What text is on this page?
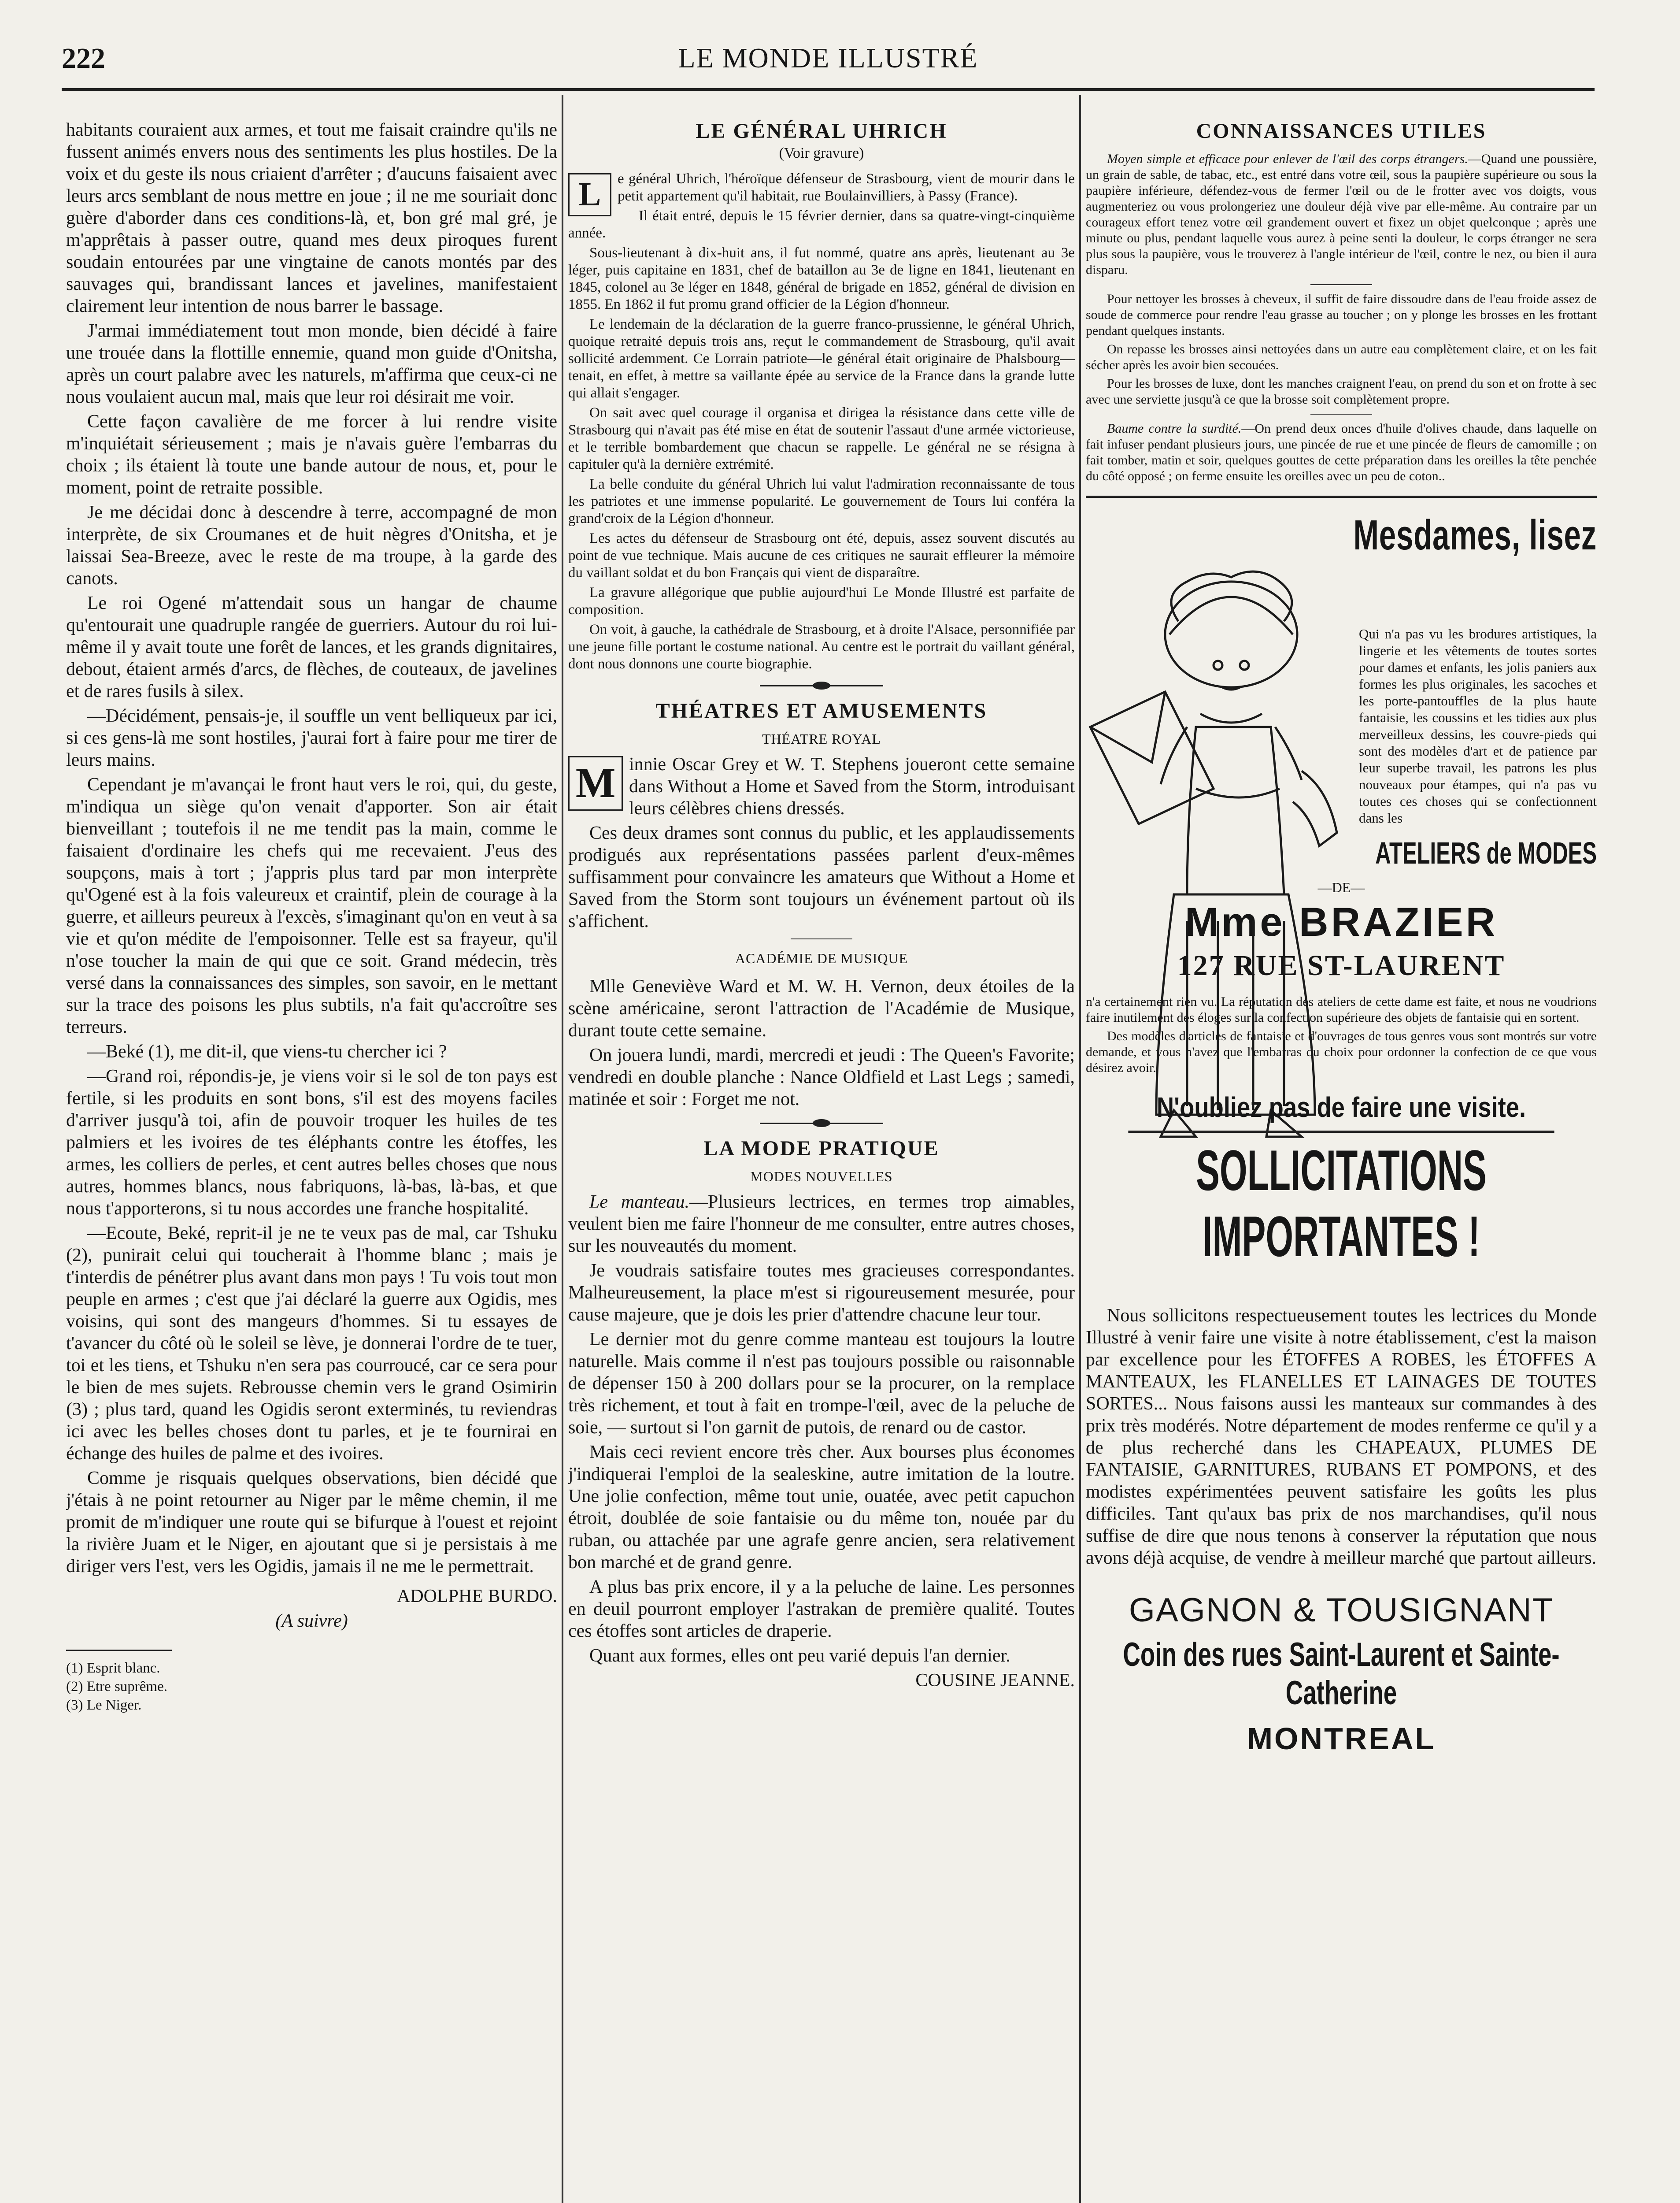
222	LE MONDE ILLUSTRÉ

habitants couraient aux armes, et tout me faisait craindre qu'ils ne fussent animés envers nous des sentiments les plus hostiles. De la voix et du geste ils nous criaient d'arrêter ; d'aucuns faisaient avec leurs arcs semblant de nous mettre en joue ; il ne me souriait donc guère d'aborder dans ces conditions-là, et, bon gré mal gré, je m'apprêtais à passer outre, quand mes deux piroques furent soudain entourées par une vingtaine de canots montés par des sauvages qui, brandissant lances et javelines, manifestaient clairement leur intention de nous barrer le bassage.

J'armai immédiatement tout mon monde, bien décidé à faire une trouée dans la flottille ennemie, quand mon guide d'Onitsha, après un court palabre avec les naturels, m'affirma que ceux-ci ne nous voulaient aucun mal, mais que leur roi désirait me voir.

Cette façon cavalière de me forcer à lui rendre visite m'inquiétait sérieusement ; mais je n'avais guère l'embarras du choix ; ils étaient là toute une bande autour de nous, et, pour le moment, point de retraite possible.

Je me décidai donc à descendre à terre, accompagné de mon interprète, de six Croumanes et de huit nègres d'Onitsha, et je laissai Sea-Breeze, avec le reste de ma troupe, à la garde des canots.

Le roi Ogené m'attendait sous un hangar de chaume qu'entourait une quadruple rangée de guerriers. Autour du roi lui-même il y avait toute une forêt de lances, et les grands dignitaires, debout, étaient armés d'arcs, de flèches, de couteaux, de javelines et de rares fusils à silex.

—Décidément, pensais-je, il souffle un vent belliqueux par ici, si ces gens-là me sont hostiles, j'aurai fort à faire pour me tirer de leurs mains.

Cependant je m'avançai le front haut vers le roi, qui, du geste, m'indiqua un siège qu'on venait d'apporter. Son air était bienveillant ; toutefois il ne me tendit pas la main, comme le faisaient d'ordinaire les chefs qui me recevaient. J'eus des soupçons, mais à tort ; j'appris plus tard par mon interprète qu'Ogené est à la fois valeureux et craintif, plein de courage à la guerre, et ailleurs peureux à l'excès, s'imaginant qu'on en veut à sa vie et qu'on médite de l'empoisonner. Telle est sa frayeur, qu'il n'ose toucher la main de qui que ce soit. Grand médecin, très versé dans la connaissances des simples, son savoir, en le mettant sur la trace des poisons les plus subtils, n'a fait qu'accroître ses terreurs.

—Beké (1), me dit-il, que viens-tu chercher ici ?

—Grand roi, répondis-je, je viens voir si le sol de ton pays est fertile, si les produits en sont bons, s'il est des moyens faciles d'arriver jusqu'à toi, afin de pouvoir troquer les huiles de tes palmiers et les ivoires de tes éléphants contre les étoffes, les armes, les colliers de perles, et cent autres belles choses que nous autres, hommes blancs, nous fabriquons, là-bas, là-bas, et que nous t'apporterons, si tu nous accordes une franche hospitalité.

—Ecoute, Beké, reprit-il je ne te veux pas de mal, car Tshuku (2), punirait celui qui toucherait à l'homme blanc ; mais je t'interdis de pénétrer plus avant dans mon pays ! Tu vois tout mon peuple en armes ; c'est que j'ai déclaré la guerre aux Ogidis, mes voisins, qui sont des mangeurs d'hommes. Si tu essayes de t'avancer du côté où le soleil se lève, je donnerai l'ordre de te tuer, toi et les tiens, et Tshuku n'en sera pas courroucé, car ce sera pour le bien de mes sujets. Rebrousse chemin vers le grand Osimirin (3) ; plus tard, quand les Ogidis seront exterminés, tu reviendras ici avec les belles choses dont tu parles, et je te fournirai en échange des huiles de palme et des ivoires.

Comme je risquais quelques observations, bien décidé que j'étais à ne point retourner au Niger par le même chemin, il me promit de m'indiquer une route qui se bifurque à l'ouest et rejoint la rivière Juam et le Niger, en ajoutant que si je persistais à me diriger vers l'est, vers les Ogidis, jamais il ne me le permettrait.

ADOLPHE BURDO.

(A suivre)

(1) Esprit blanc.
(2) Etre suprême.
(3) Le Niger.
LE GÉNÉRAL UHRICH
(Voir gravure)

L	e général Uhrich, l'héroïque défenseur de Strasbourg, vient de mourir dans le petit appartement qu'il habitait, rue Boulainvilliers, à Passy (France).

Il était entré, depuis le 15 février dernier, dans sa quatre-vingt-cinquième année.

Sous-lieutenant à dix-huit ans, il fut nommé, quatre ans après, lieutenant au 3e léger, puis capitaine en 1831, chef de bataillon au 3e de ligne en 1841, lieutenant en 1845, colonel au 3e léger en 1848, général de brigade en 1852, général de division en 1855. En 1862 il fut promu grand officier de la Légion d'honneur.

Le lendemain de la déclaration de la guerre franco-prussienne, le général Uhrich, quoique retraité depuis trois ans, reçut le commandement de Strasbourg, qu'il avait sollicité ardemment. Ce Lorrain patriote—le général était originaire de Phalsbourg—tenait, en effet, à mettre sa vaillante épée au service de la France dans la grande lutte qui allait s'engager.

On sait avec quel courage il organisa et dirigea la résistance dans cette ville de Strasbourg qui n'avait pas été mise en état de soutenir l'assaut d'une armée victorieuse, et le terrible bombardement que chacun se rappelle. Le général ne se résigna à capituler qu'à la dernière extrémité.

La belle conduite du général Uhrich lui valut l'admiration reconnaissante de tous les patriotes et une immense popularité. Le gouvernement de Tours lui conféra la grand'croix de la Légion d'honneur.

Les actes du défenseur de Strasbourg ont été, depuis, assez souvent discutés au point de vue technique. Mais aucune de ces critiques ne saurait effleurer la mémoire du vaillant soldat et du bon Français qui vient de disparaître.

La gravure allégorique que publie aujourd'hui Le Monde Illustré est parfaite de composition.

On voit, à gauche, la cathédrale de Strasbourg, et à droite l'Alsace, personnifiée par une jeune fille portant le costume national. Au centre est le portrait du vaillant général, dont nous donnons une courte biographie.

THÉATRES ET AMUSEMENTS
THÉATRE ROYAL

M innie Oscar Grey et W. T. Stephens joueront cette semaine dans Without a Home et Saved from the Storm, introduisant leurs célèbres chiens dressés.

Ces deux drames sont connus du public, et les applaudissements prodigués aux représentations passées parlent d'eux-mêmes suffisamment pour convaincre les amateurs que Without a Home et Saved from the Storm sont toujours un événement partout où ils s'affichent.

ACADÉMIE DE MUSIQUE

Mlle Geneviève Ward et M. W. H. Vernon, deux étoiles de la scène américaine, seront l'attraction de l'Académie de Musique, durant toute cette semaine.

On jouera lundi, mardi, mercredi et jeudi : The Queen's Favorite; vendredi en double planche : Nance Oldfield et Last Legs ; samedi, matinée et soir : Forget me not.

LA MODE PRATIQUE
MODES NOUVELLES

Le manteau.—Plusieurs lectrices, en termes trop aimables, veulent bien me faire l'honneur de me consulter, entre autres choses, sur les nouveautés du moment.

Je voudrais satisfaire toutes mes gracieuses correspondantes. Malheureusement, la place m'est si rigoureusement mesurée, pour cause majeure, que je dois les prier d'attendre chacune leur tour.

Le dernier mot du genre comme manteau est toujours la loutre naturelle. Mais comme il n'est pas toujours possible ou raisonnable de dépenser 150 à 200 dollars pour se la procurer, on la remplace très richement, et tout à fait en trompe-l'œil, avec de la peluche de soie, — surtout si l'on garnit de putois, de renard ou de castor.

Mais ceci revient encore très cher. Aux bourses plus économes j'indiquerai l'emploi de la sealeskine, autre imitation de la loutre. Une jolie confection, même tout unie, ouatée, avec petit capuchon étroit, doublée de soie fantaisie ou du même ton, nouée par du ruban, ou attachée par une agrafe genre ancien, sera relativement bon marché et de grand genre.

A plus bas prix encore, il y a la peluche de laine. Les personnes en deuil pourront employer l'astrakan de première qualité. Toutes ces étoffes sont articles de draperie.

Quant aux formes, elles ont peu varié depuis l'an dernier.

COUSINE JEANNE.

CONNAISSANCES UTILES

Moyen simple et efficace pour enlever de l'œil des corps étrangers.—Quand une poussière, un grain de sable, de tabac, etc., est entré dans votre œil, sous la paupière supérieure ou sous la paupière inférieure, défendez-vous de fermer l'œil ou de le frotter avec vos doigts, vous augmenteriez ou vous prolongeriez une douleur déjà vive par elle-même. Au contraire par un courageux effort tenez votre œil grandement ouvert et fixez un objet quelconque ; après une minute ou plus, pendant laquelle vous aurez à peine senti la douleur, le corps étranger ne sera plus sous la paupière, vous le trouverez à l'angle intérieur de l'œil, contre le nez, ou bien il aura disparu.

Pour nettoyer les brosses à cheveux, il suffit de faire dissoudre dans de l'eau froide assez de soude de commerce pour rendre l'eau grasse au toucher ; on y plonge les brosses en les frottant pendant quelques instants.

On repasse les brosses ainsi nettoyées dans un autre eau complètement claire, et on les fait sécher après les avoir bien secouées.

Pour les brosses de luxe, dont les manches craignent l'eau, on prend du son et on frotte à sec avec une serviette jusqu'à ce que la brosse soit complètement propre.

Baume contre la surdité.—On prend deux onces d'huile d'olives chaude, dans laquelle on fait infuser pendant plusieurs jours, une pincée de rue et une pincée de fleurs de camomille ; on fait tomber, matin et soir, quelques gouttes de cette préparation dans les oreilles la tête penchée du côté opposé ; on ferme ensuite les oreilles avec un peu de coton..

Mesdames, lisez
Qui n'a pas vu les brodures artistiques, la lingerie et les vêtements de toutes sortes pour dames et enfants, les jolis paniers aux formes les plus originales, les sacoches et les porte-pantouffles de la plus haute fantaisie, les coussins et les tidies aux plus merveilleux dessins, les couvre-pieds qui sont des modèles d'art et de patience par leur superbe travail, les patrons les plus nouveaux pour étampes, qui n'a pas vu toutes ces choses qui se confectionnent dans les
ATELIERS de MODES
—DE—
Mme BRAZIER
127 RUE ST-LAURENT

n'a certainement rien vu. La réputation des ateliers de cette dame est faite, et nous ne voudrions faire inutilement des éloges sur la confection supérieure des objets de fantaisie qui en sortent.

Des modèles d'articles de fantaisie et d'ouvrages de tous genres vous sont montrés sur votre demande, et vous n'avez que l'embarras du choix pour ordonner la confection de ce que vous désirez avoir.

N'oubliez pas de faire une visite.
SOLLICITATIONS IMPORTANTES !
Nous sollicitons respectueusement toutes les lectrices du Monde Illustré à venir faire une visite à notre établissement, c'est la maison par excellence pour les ÉTOFFES A ROBES, les ÉTOFFES A MANTEAUX, les FLANELLES ET LAINAGES DE TOUTES SORTES... Nous faisons aussi les manteaux sur commandes à des prix très modérés. Notre département de modes renferme ce qu'il y a de plus recherché dans les CHAPEAUX, PLUMES DE FANTAISIE, GARNITURES, RUBANS ET POMPONS, et des modistes expérimentées peuvent satisfaire les goûts les plus difficiles. Tant qu'aux bas prix de nos marchandises, qu'il nous suffise de dire que nous tenons à conserver la réputation que nous avons déjà acquise, de vendre à meilleur marché que partout ailleurs.
GAGNON & TOUSIGNANT
Coin des rues Saint-Laurent et Sainte-Catherine
MONTREAL
